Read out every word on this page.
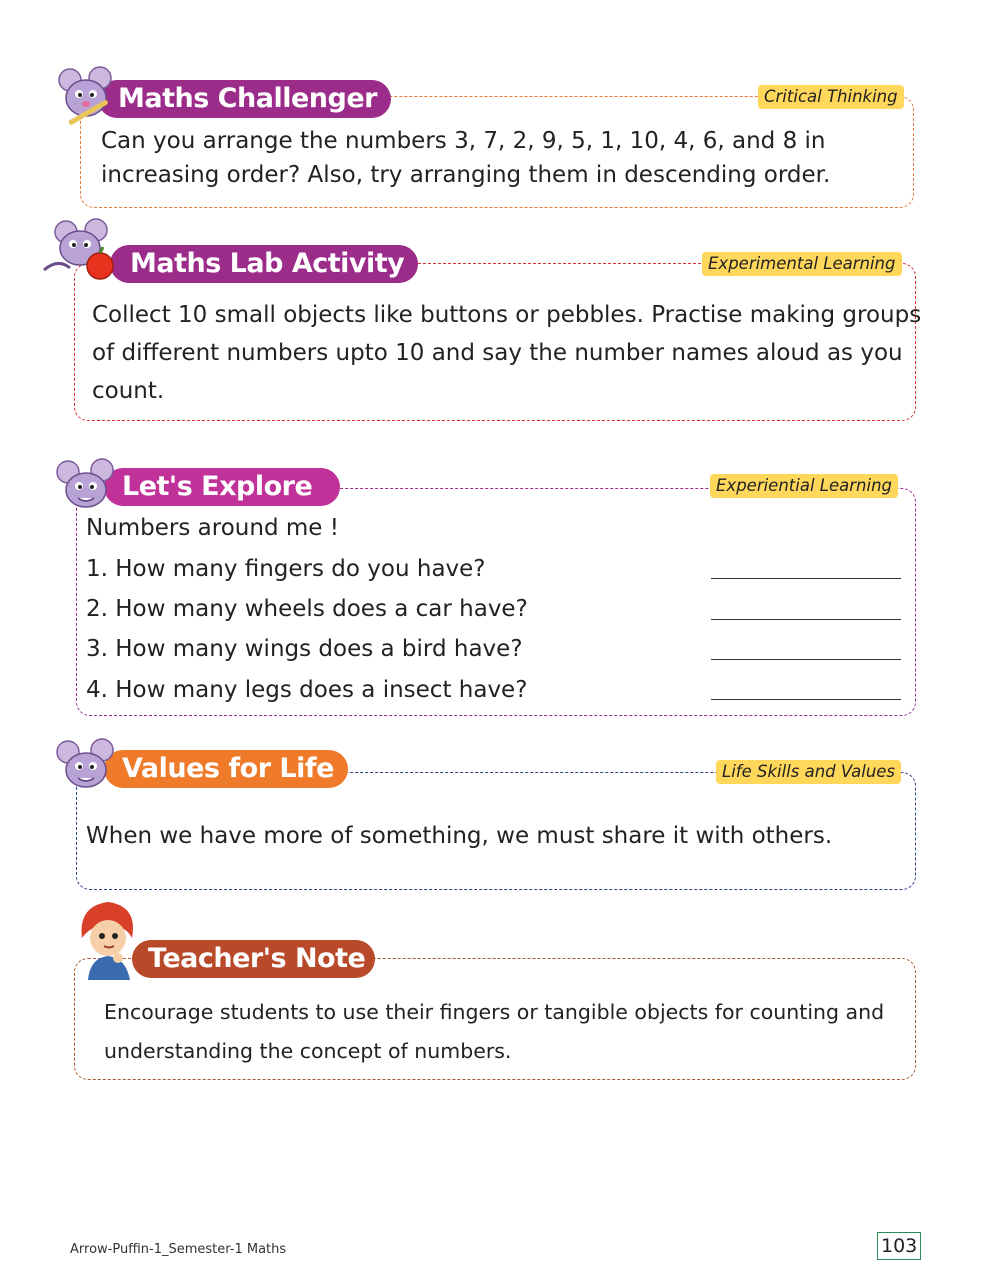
Maths Challenger	Critical Thinking
Can you arrange the numbers 3, 7, 2, 9, 5, 1, 10, 4, 6, and 8 in
increasing order? Also, try arranging them in descending order.
Maths Lab Activity	Experimental Learning
Collect 10 small objects like buttons or pebbles. Practise making groups
of different numbers upto 10 and say the number names aloud as you
count.
Let's Explore	Experiential Learning
Numbers around me !
1. How many fingers do you have?
2. How many wheels does a car have?
3. How many wings does a bird have?
4. How many legs does a insect have?
Values for Life	Life Skills and Values
When we have more of something, we must share it with others.
Teacher's Note
Encourage students to use their fingers or tangible objects for counting and
understanding the concept of numbers.
Arrow-Puffin-1_Semester-1 Maths	103
